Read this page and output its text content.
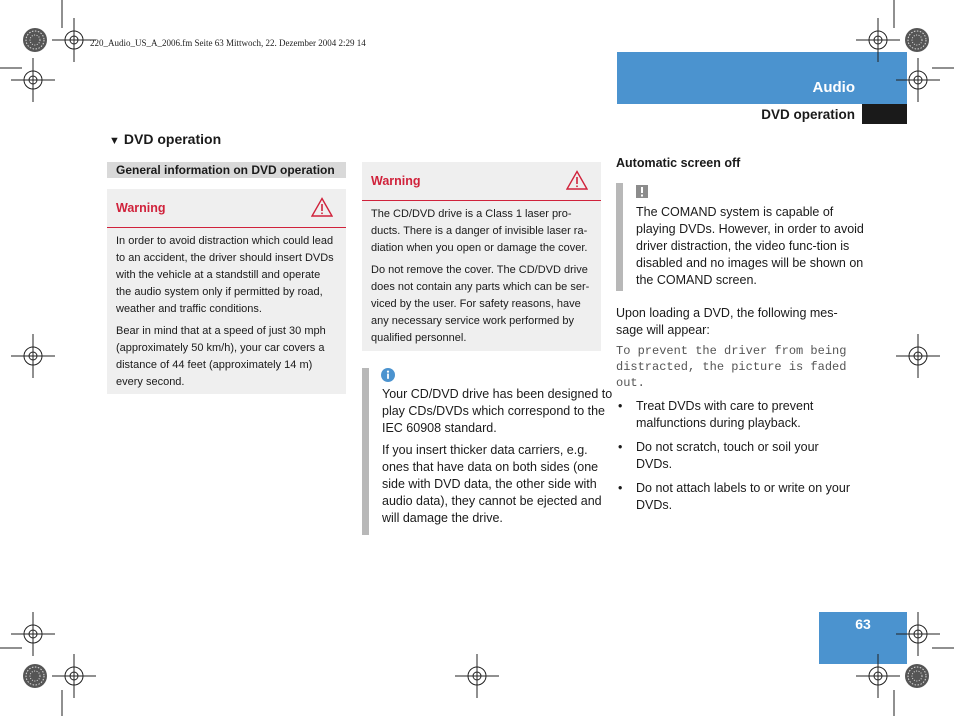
220_Audio_US_A_2006.fm Seite 63 Mittwoch, 22. Dezember 2004 2:29 14
Audio
DVD operation
▼ DVD operation
General information on DVD operation
Warning

In order to avoid distraction which could lead to an accident, the driver should insert DVDs with the vehicle at a standstill and operate the audio system only if permitted by road, weather and traffic conditions.

Bear in mind that at a speed of just 30 mph (approximately 50 km/h), your car covers a distance of 44 feet (approximately 14 m) every second.

Warning

The CD/DVD drive is a Class 1 laser pro-ducts. There is a danger of invisible laser ra-diation when you open or damage the cover.

Do not remove the cover. The CD/DVD drive does not contain any parts which can be ser-viced by the user. For safety reasons, have any necessary service work performed by qualified personnel.

Your CD/DVD drive has been designed to play CDs/DVDs which correspond to the IEC 60908 standard.

If you insert thicker data carriers, e.g. ones that have data on both sides (one side with DVD data, the other side with audio data), they cannot be ejected and will damage the drive.

Automatic screen off
The COMAND system is capable of playing DVDs. However, in order to avoid driver distraction, the video func-tion is disabled and no images will be shown on the COMAND screen.
Upon loading a DVD, the following mes-sage will appear:
To prevent the driver from being distracted, the picture is faded out.
• Treat DVDs with care to prevent malfunctions during playback.
• Do not scratch, touch or soil your DVDs.
• Do not attach labels to or write on your DVDs.
63
